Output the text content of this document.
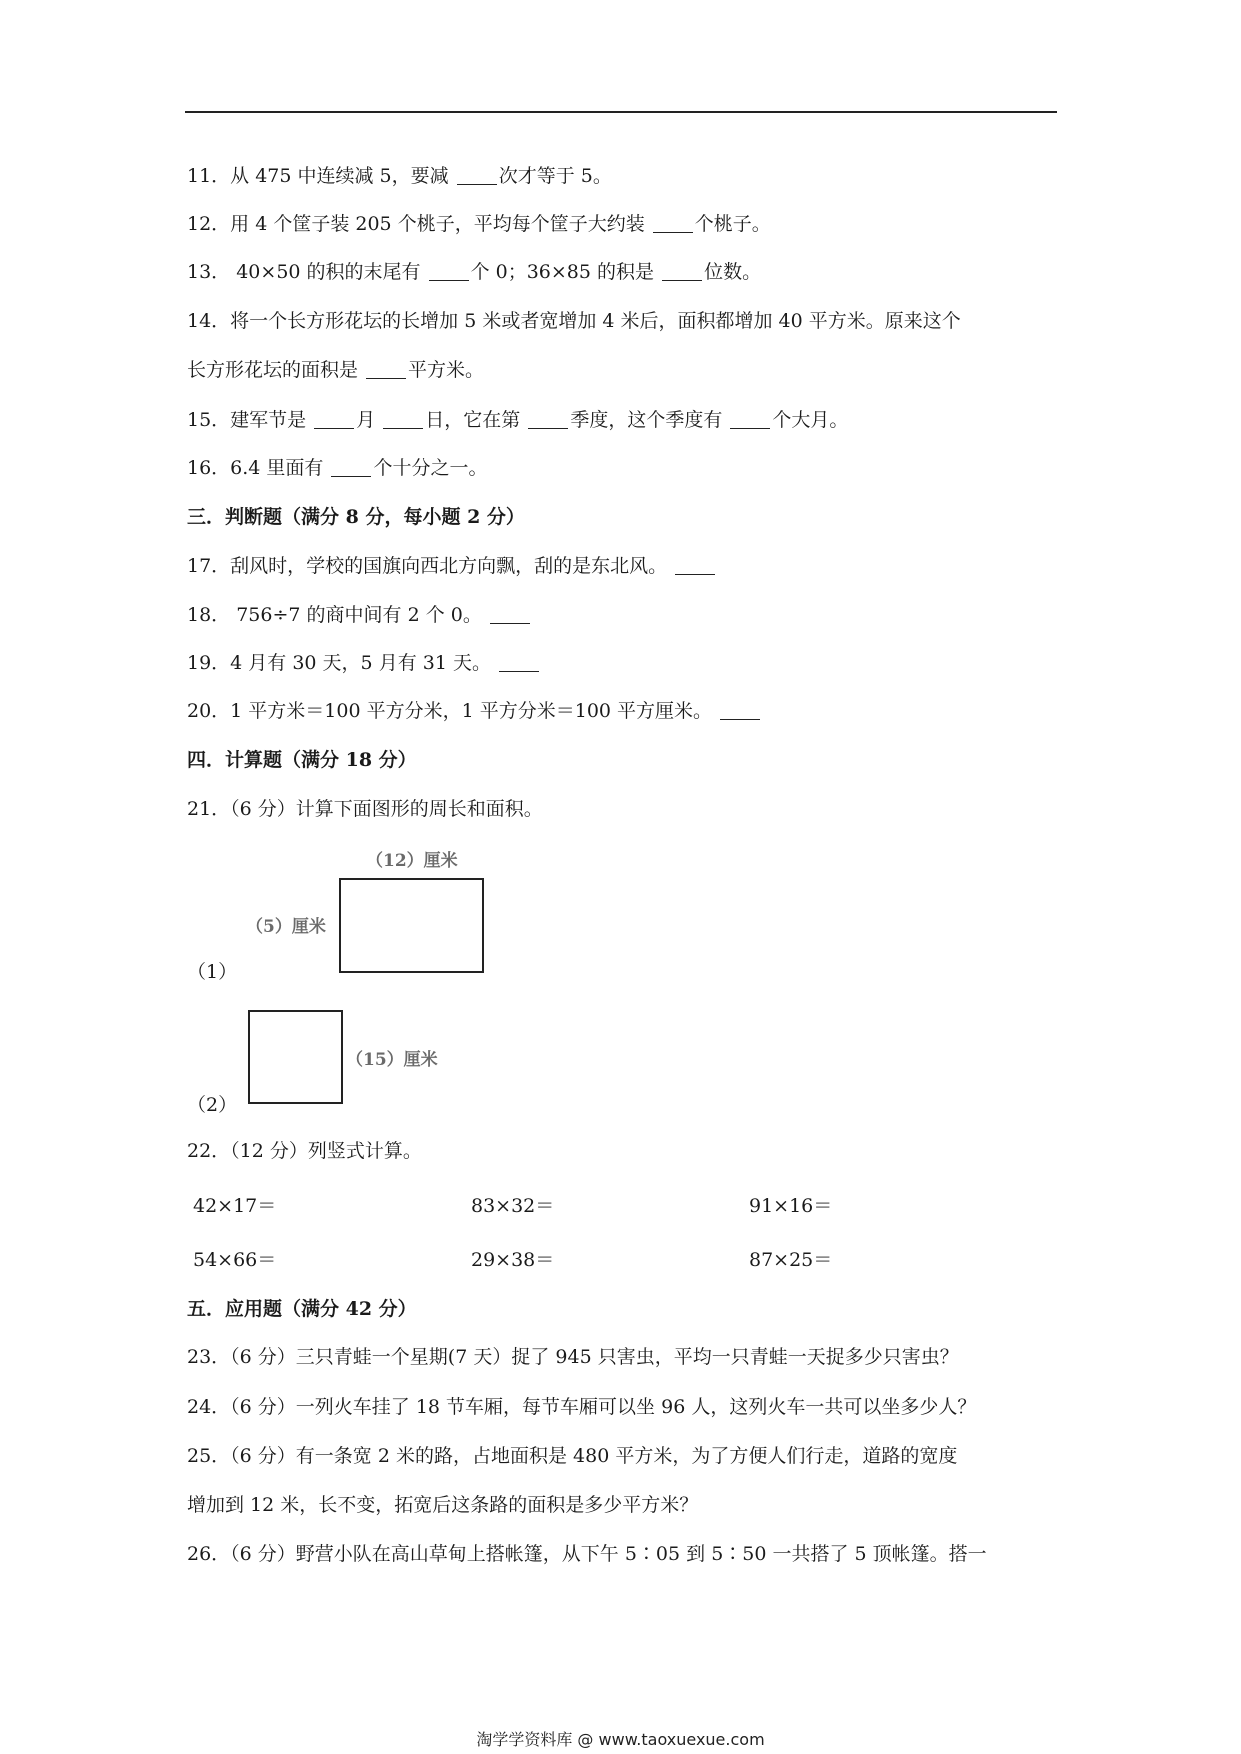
11．从 475 中连续减 5，要减 次才等于 5。
12．用 4 个筐子装 205 个桃子，平均每个筐子大约装 个桃子。
13． 40×50 的积的末尾有 个 0；36×85 的积是 位数。
14．将一个长方形花坛的长增加 5 米或者宽增加 4 米后，面积都增加 40 平方米。原来这个
长方形花坛的面积是 平方米。
15．建军节是 月 日，它在第 季度，这个季度有 个大月。
16．6.4 里面有 个十分之一。
三．判断题（满分 8 分，每小题 2 分）
17．刮风时，学校的国旗向西北方向飘，刮的是东北风。
18． 756÷7 的商中间有 2 个 0。
19．4 月有 30 天，5 月有 31 天。
20．1 平方米＝100 平方分米，1 平方分米＝100 平方厘米。
四．计算题（满分 18 分）
21．（6 分）计算下面图形的周长和面积。
（12）厘米
（5）厘米
（1）
（15）厘米
（2）
22．（12 分）列竖式计算。
42×17＝	83×32＝	91×16＝
54×66＝	29×38＝	87×25＝
五．应用题（满分 42 分）
23．（6 分）三只青蛙一个星期(7 天）捉了 945 只害虫，平均一只青蛙一天捉多少只害虫？
24．（6 分）一列火车挂了 18 节车厢，每节车厢可以坐 96 人，这列火车一共可以坐多少人？
25．（6 分）有一条宽 2 米的路，占地面积是 480 平方米，为了方便人们行走，道路的宽度
增加到 12 米，长不变，拓宽后这条路的面积是多少平方米？
26．（6 分）野营小队在高山草甸上搭帐篷，从下午 5∶05 到 5∶50 一共搭了 5 顶帐篷。搭一
淘学学资料库 @ www.taoxuexue.com
